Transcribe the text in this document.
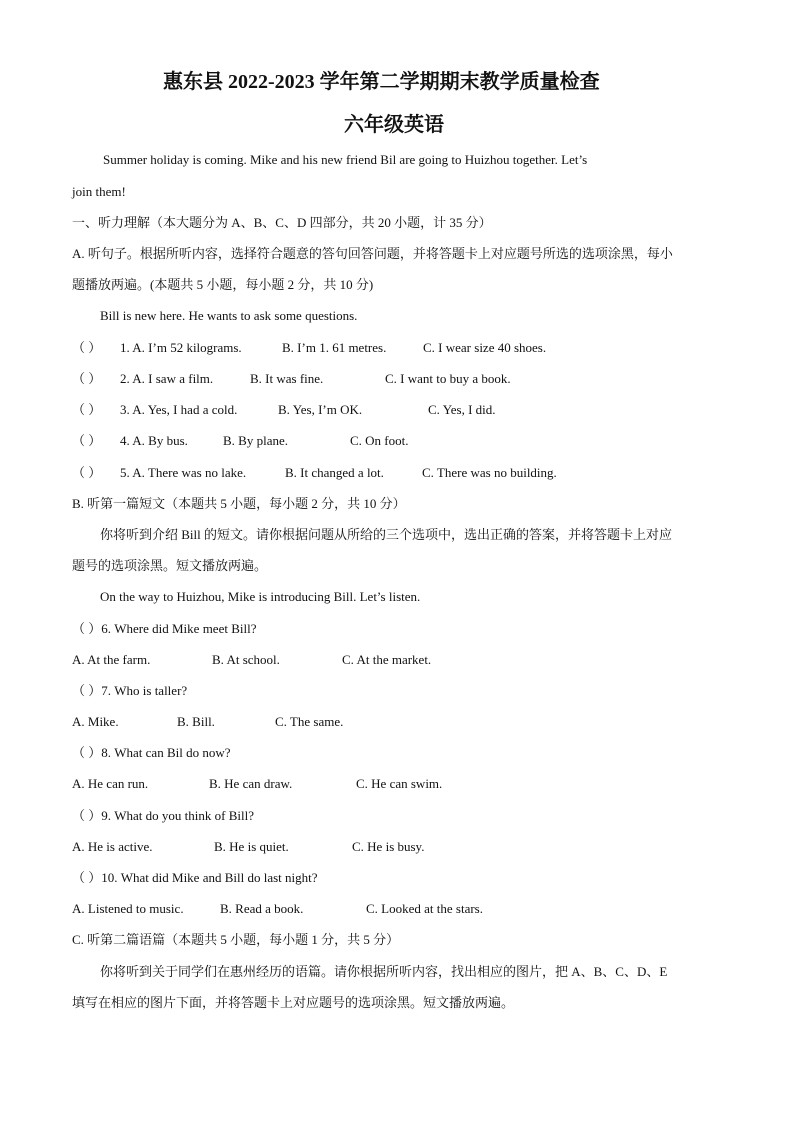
惠东县 2022-2023 学年第二学期期末教学质量检查
六年级英语
Summer holiday is coming. Mike and his new friend Bil are going to Huizhou together. Let’s
join them!
一、听力理解（本大题分为 A、B、C、D 四部分，共 20 小题，计 35 分）
A. 听句子。根据所听内容，选择符合题意的答句回答问题，并将答题卡上对应题号所选的选项涂黑，每小
题播放两遍。(本题共 5 小题，每小题 2 分，共 10 分)
Bill is new here. He wants to ask some questions.
（ ） 1. A. I’m 52 kilograms.	B. I’m 1. 61 metres.	C. I wear size 40 shoes.
（ ） 2. A. I saw a film.	B. It was fine.	C. I want to buy a book.
（ ） 3. A. Yes, I had a cold.	B. Yes, I’m OK.	C. Yes, I did.
（ ） 4. A. By bus.	B. By plane.	C. On foot.
（ ） 5. A. There was no lake.	B. It changed a lot.	C. There was no building.
B. 听第一篇短文（本题共 5 小题，每小题 2 分，共 10 分）
你将听到介绍 Bill 的短文。请你根据问题从所给的三个选项中，选出正确的答案，并将答题卡上对应
题号的选项涂黑。短文播放两遍。
On the way to Huizhou, Mike is introducing Bill. Let’s listen.
（ ）6. Where did Mike meet Bill?
A. At the farm.	B. At school.	C. At the market.
（ ）7. Who is taller?
A. Mike.	B. Bill.	C. The same.
（ ）8. What can Bil do now?
A. He can run.	B. He can draw.	C. He can swim.
（ ）9. What do you think of Bill?
A. He is active.	B. He is quiet.	C. He is busy.
（ ）10. What did Mike and Bill do last night?
A. Listened to music.	B. Read a book.	C. Looked at the stars.
C. 听第二篇语篇（本题共 5 小题，每小题 1 分，共 5 分）
你将听到关于同学们在惠州经历的语篇。请你根据所听内容，找出相应的图片，把 A、B、C、D、E
填写在相应的图片下面，并将答题卡上对应题号的选项涂黑。短文播放两遍。
